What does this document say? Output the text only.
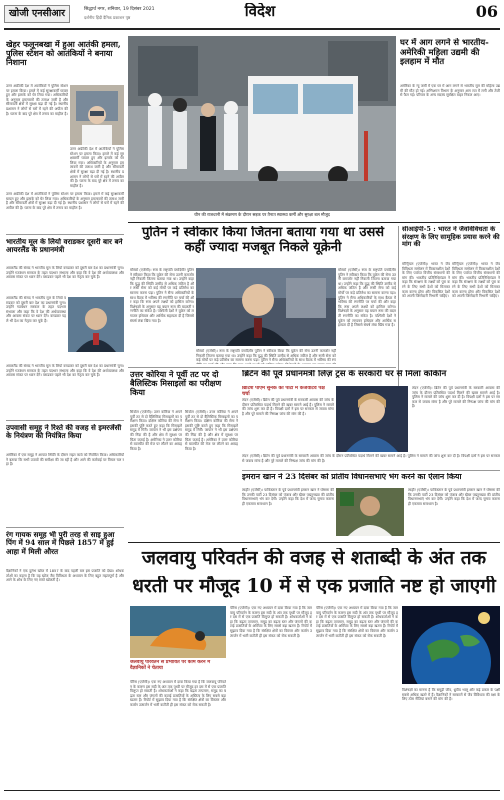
खोजी एनसीआर	सिद्धार्थ नगर, शनिवार, 19 दिसंबर 2021
दर्शनीय हिंदी दैनिक प्रकाशन पृष्ठ	विदेश	06
खेहर फलूनबखा में हुआ आतंकी हमला, पुलिस स्टेशन को आतंकियों ने बनाया निशाना
उत्तर अफ्रीकी देश में आतंकियों ने पुलिस स्टेशन पर हमला किया। हमले में कई सुरक्षाकर्मी घायल हुए और इलाके को घेर लिया गया। अधिकारियों के अनुसार हमलावरों की तलाश जारी है और सीमावर्ती क्षेत्रों में सुरक्षा बढ़ा दी गई है। स्थानीय प्रशासन ने लोगों से घरों में रहने की अपील की है। घटना के बाद पूरे क्षेत्र में तनाव का माहौल है।
उत्तर अफ्रीकी देश में आतंकियों ने पुलिस स्टेशन पर हमला किया। हमले में कई सुरक्षाकर्मी घायल हुए और इलाके को घेर लिया गया। अधिकारियों के अनुसार हमलावरों की तलाश जारी है और सीमावर्ती क्षेत्रों में सुरक्षा बढ़ा दी गई है। स्थानीय प्रशासन ने लोगों से घरों में रहने की अपील की है। घटना के बाद पूरे क्षेत्र में तनाव का माहौल है।
उत्तर अफ्रीकी देश में आतंकियों ने पुलिस स्टेशन पर हमला किया। हमले में कई सुरक्षाकर्मी घायल हुए और इलाके को घेर लिया गया। अधिकारियों के अनुसार हमलावरों की तलाश जारी है और सीमावर्ती क्षेत्रों में सुरक्षा बढ़ा दी गई है। स्थानीय प्रशासन ने लोगों से घरों में रहने की अपील की है। घटना के बाद पूरे क्षेत्र में तनाव का माहौल है।
भारतीय मूल के लियो वराडकर दूसरी बार बने आयरलैंड के प्रधानमंत्री
आयरलैंड की संसद ने भारतीय मूल के लियो वराडकर को दूसरी बार देश का प्रधानमंत्री चुना। उन्होंने गठबंधन सरकार के तहत पदभार संभाला और कहा कि वे देश की अर्थव्यवस्था और आवास संकट पर ध्यान देंगे। वराडकर पहले भी देश का नेतृत्व कर चुके हैं।
आयरलैंड की संसद ने भारतीय मूल के लियो वराडकर को दूसरी बार देश का प्रधानमंत्री चुना। उन्होंने गठबंधन सरकार के तहत पदभार संभाला और कहा कि वे देश की अर्थव्यवस्था और आवास संकट पर ध्यान देंगे। वराडकर पहले भी देश का नेतृत्व कर चुके हैं।
आयरलैंड की संसद ने भारतीय मूल के लियो वराडकर को दूसरी बार देश का प्रधानमंत्री चुना। उन्होंने गठबंधन सरकार के तहत पदभार संभाला और कहा कि वे देश की अर्थव्यवस्था और आवास संकट पर ध्यान देंगे। वराडकर पहले भी देश का नेतृत्व कर चुके हैं।
उपवासी समूह ने रिश्ते की वजह से इमरजेंसी के नियंत्रण की नियंत्रित किया
अमेरिका में एक समूह ने आपात स्थिति के दौरान राहत कार्य को नियंत्रित किया। अधिकारियों ने बताया कि सभी उपायों की समीक्षा की जा रही है और आगे की कार्रवाई पर विचार चल रहा है।
रंग गायक समूह भी पुरी तरह से साइ हुआ पिंग में 94 साल में पिछले 1857 में हुई आहा में मिली औरत
वैज्ञानिकों ने एक दुर्लभ खोज में 1857 के बाद पहली बार इस प्रजाति को देखा। शोधकर्ताओं का कहना है कि यह खोज जैव विविधता के अध्ययन के लिए बहुत महत्वपूर्ण है और आगे के शोध के लिए नए रास्ते खोलती है।
चीन की राजधानी में संक्रमण के दौरान सड़क पर तैनात स्वास्थ्य कर्मी और सुरक्षा बल मौजूद
घर में आग लगने से भारतीय- अमेरिकी महिला उद्यमी की इलहाम में मौत
अमेरिका के न्यू जर्सी में एक घर में आग लगने से भारतीय मूल की महिला उद्यमी की मौत हो गई। अग्निशमन विभाग के अनुसार आग रात में लगी और तेजी से फैल गई। परिवार के अन्य सदस्य सुरक्षित बाहर निकल आए।
पुतिन ने स्वीकार किया जितना बताया गया था उससे कहीं ज्यादा मजबूत निकले यूक्रेनी
मॉस्को (एजेंसी)। रूस के राष्ट्रपति व्लादिमीर पुतिन ने स्वीकार किया कि यूक्रेन की सेना उतनी कमजोर नहीं निकली जितना बताया गया था। उन्होंने कहा कि युद्ध की स्थिति उम्मीद से अधिक जटिल है और रूसी सेना को कई मोर्चों पर कड़े प्रतिरोध का सामना करना पड़ा। पुतिन ने सैन्य अधिकारियों के साथ बैठक में भविष्य की रणनीति पर चर्चा की और कहा कि रूस अपने लक्ष्यों को हासिल करेगा। विशेषज्ञों के अनुसार यह बयान रूस की बदलती रणनीति का संकेत है। पश्चिमी देशों ने यूक्रेन को लगातार हथियार और आर्थिक सहायता दी है जिससे संघर्ष लंबा खिंच गया है।
मॉस्को (एजेंसी)। रूस के राष्ट्रपति व्लादिमीर पुतिन ने स्वीकार किया कि यूक्रेन की सेना उतनी कमजोर नहीं निकली जितना बताया गया था। उन्होंने कहा कि युद्ध की स्थिति उम्मीद से अधिक जटिल है और रूसी सेना को कई मोर्चों पर कड़े प्रतिरोध का सामना करना पड़ा। पुतिन ने सैन्य अधिकारियों के साथ बैठक में भविष्य की रणनीति पर चर्चा की और कहा कि रूस अपने लक्ष्यों को हासिल करेगा। विशेषज्ञों के अनुसार यह बयान रूस की बदलती रणनीति का संकेत है। पश्चिमी देशों ने यूक्रेन को लगातार हथियार और आर्थिक सहायता दी है जिससे संघर्ष लंबा खिंच गया है।
मॉस्को (एजेंसी)। रूस के राष्ट्रपति व्लादिमीर पुतिन ने स्वीकार किया कि यूक्रेन की सेना उतनी कमजोर नहीं निकली जितना बताया गया था। उन्होंने कहा कि युद्ध की स्थिति उम्मीद से अधिक जटिल है और रूसी सेना को कई मोर्चों पर कड़े प्रतिरोध का सामना करना पड़ा। पुतिन ने सैन्य अधिकारियों के साथ बैठक में भविष्य की रण
सीआईपी-5 : भारत ने जैवविविधता के संरक्षण के लिए सामूहिक प्रयास करने की मांग की
मॉन्ट्रियल (एजेंसी)। भारत ने जैव विविधता सम्मेलन में विकासशील देशों के लिए पर्याप्त वित्तीय संसाधनों की मांग की। भारतीय प्रतिनिधिमंडल ने कहा कि संरक्षण के लक्ष्यों को पूरा करने के लिए सभी देशों को मिलकर काम करना होगा और विकसित देशों को अपनी जिम्मेदारी निभानी चाहिए।
मॉन्ट्रियल (एजेंसी)। भारत ने जैव विविधता सम्मेलन में विकासशील देशों के लिए पर्याप्त वित्तीय संसाधनों की मांग की। भारतीय प्रतिनिधिमंडल ने कहा कि संरक्षण के लक्ष्यों को पूरा करने के लिए सभी देशों को मिलकर काम करना होगा और विकसित देशों को अपनी जिम्मेदारी निभानी चाहिए।
उत्तर कोरिया ने पूर्वी तट पर दो बैलिस्टिक मिसाइलों का परीक्षण किया
सियोल (एजेंसी)। उत्तर कोरिया ने अपने पूर्वी तट से दो बैलिस्टिक मिसाइलों का परीक्षण किया। दक्षिण कोरिया की सेना ने इसकी पुष्टि करते हुए कहा कि मिसाइलें समुद्र में गिरीं। जापान ने भी इस प्रक्षेपण की निंदा की है और क्षेत्र में सुरक्षा पर चिंता जताई है। अमेरिका ने उत्तर कोरिया से बातचीत की मेज पर लौटने का आग्रह किया है।
सियोल (एजेंसी)। उत्तर कोरिया ने अपने पूर्वी तट से दो बैलिस्टिक मिसाइलों का परीक्षण किया। दक्षिण कोरिया की सेना ने इसकी पुष्टि करते हुए कहा कि मिसाइलें समुद्र में गिरीं। जापान ने भी इस प्रक्षेपण की निंदा की है और क्षेत्र में सुरक्षा पर चिंता जताई है। अमेरिका ने उत्तर कोरिया से बातचीत की मेज पर लौटने का आग्रह किया है।
ब्रिटेन की पूर्व प्रधानमंत्री लिज़ ट्रस के सरकारी घर से मिला कोकीन
ब्रिटिश पीएम सुनक की पार्टी में कंजर्वेटिव पक्ष चर्चा
लंदन (एजेंसी)। ब्रिटेन की पूर्व प्रधानमंत्री के सरकारी आवास की जांच के दौरान प्रतिबंधित पदार्थ मिलने की खबर सामने आई है। पुलिस ने मामले की जांच शुरू कर दी है। विपक्षी दलों ने इस पर सरकार से जवाब मांगा है और पूरे मामले की निष्पक्ष जांच की मांग की है।
लंदन (एजेंसी)। ब्रिटेन की पूर्व प्रधानमंत्री के सरकारी आवास की जांच के दौरान प्रतिबंधित पदार्थ मिलने की खबर सामने आई है। पुलिस ने मामले की जांच शुरू कर दी है। विपक्षी दलों ने इस पर सरकार से जवाब मांगा है और पूरे मामले की निष्पक्ष जांच की मांग की है।
लंदन (एजेंसी)। ब्रिटेन की पूर्व प्रधानमंत्री के सरकारी आवास की जांच के दौरान प्रतिबंधित पदार्थ मिलने की खबर सामने आई है। पुलिस ने मामले की जांच शुरू कर दी है। विपक्षी दलों ने इस पर सरकार से जवाब मांगा है और पूरे मामले की निष्पक्ष जांच की मांग की है।
इमरान खान ने 23 दिसंबर को प्रांतीय विधानसभाएं भंग करने का ऐलान किया
लाहौर (एजेंसी)। पाकिस्तान के पूर्व प्रधानमंत्री इमरान खान ने घोषणा की कि उनकी पार्टी 23 दिसंबर को पंजाब और खैबर पख्तूनख्वा की प्रांतीय विधानसभाएं भंग कर देगी। उन्होंने कहा कि देश में जल्द चुनाव कराना ही एकमात्र समाधान है।
लाहौर (एजेंसी)। पाकिस्तान के पूर्व प्रधानमंत्री इमरान खान ने घोषणा की कि उनकी पार्टी 23 दिसंबर को पंजाब और खैबर पख्तूनख्वा की प्रांतीय विधानसभाएं भंग कर देगी। उन्होंने कहा कि देश में जल्द चुनाव कराना ही एकमात्र समाधान है।
जलवायु परिवर्तन की वजह से शताब्दी के अंत तक
धरती पर मौजूद 10 में से एक प्रजाति नष्ट हो जाएगी
जलवायु परिवर्तन से प्रभावित पर काम करने में वैज्ञानिकों ने चेताया
पेरिस (एजेंसी)। एक नए अध्ययन में दावा किया गया है कि जलवायु परिवर्तन के कारण इस सदी के अंत तक पृथ्वी पर मौजूद हर दस में से एक प्रजाति विलुप्त हो सकती है। शोधकर्ताओं ने कहा कि बढ़ता तापमान, समुद्र का बढ़ता स्तर और जंगलों की कटाई प्रजातियों के अस्तित्व के लिए सबसे बड़ा खतरा हैं। रिपोर्ट में सुझाव दिया गया है कि संरक्षित क्षेत्रों का विस्तार और कार्बन उत्सर्जन में भारी कटौती ही इस संकट को रोक सकती है।
पेरिस (एजेंसी)। एक नए अध्ययन में दावा किया गया है कि जलवायु परिवर्तन के कारण इस सदी के अंत तक पृथ्वी पर मौजूद हर दस में से एक प्रजाति विलुप्त हो सकती है। शोधकर्ताओं ने कहा कि बढ़ता तापमान, समुद्र का बढ़ता स्तर और जंगलों की कटाई प्रजातियों के अस्तित्व के लिए सबसे बड़ा खतरा हैं। रिपोर्ट में सुझाव दिया गया है कि संरक्षित क्षेत्रों का विस्तार और कार्बन उत्सर्जन में भारी कटौती ही इस संकट को रोक सकती है।
पेरिस (एजेंसी)। एक नए अध्ययन में दावा किया गया है कि जलवायु परिवर्तन के कारण इस सदी के अंत तक पृथ्वी पर मौजूद हर दस में से एक प्रजाति विलुप्त हो सकती है। शोधकर्ताओं ने कहा कि बढ़ता तापमान, समुद्र का बढ़ता स्तर और जंगलों की कटाई प्रजातियों के अस्तित्व के लिए सबसे बड़ा खतरा हैं। रिपोर्ट में सुझाव दिया गया है कि संरक्षित क्षेत्रों का विस्तार और कार्बन उत्सर्जन में भारी कटौती ही इस संकट को रोक सकती है।
विशेषज्ञों का मानना है कि समुद्री जीव, ध्रुवीय भालू और कई प्रकार के पक्षी सबसे अधिक खतरे में हैं। वैज्ञानिकों ने सरकारों से जैव विविधता की रक्षा के लिए ठोस नीतियां बनाने की मांग की है।
